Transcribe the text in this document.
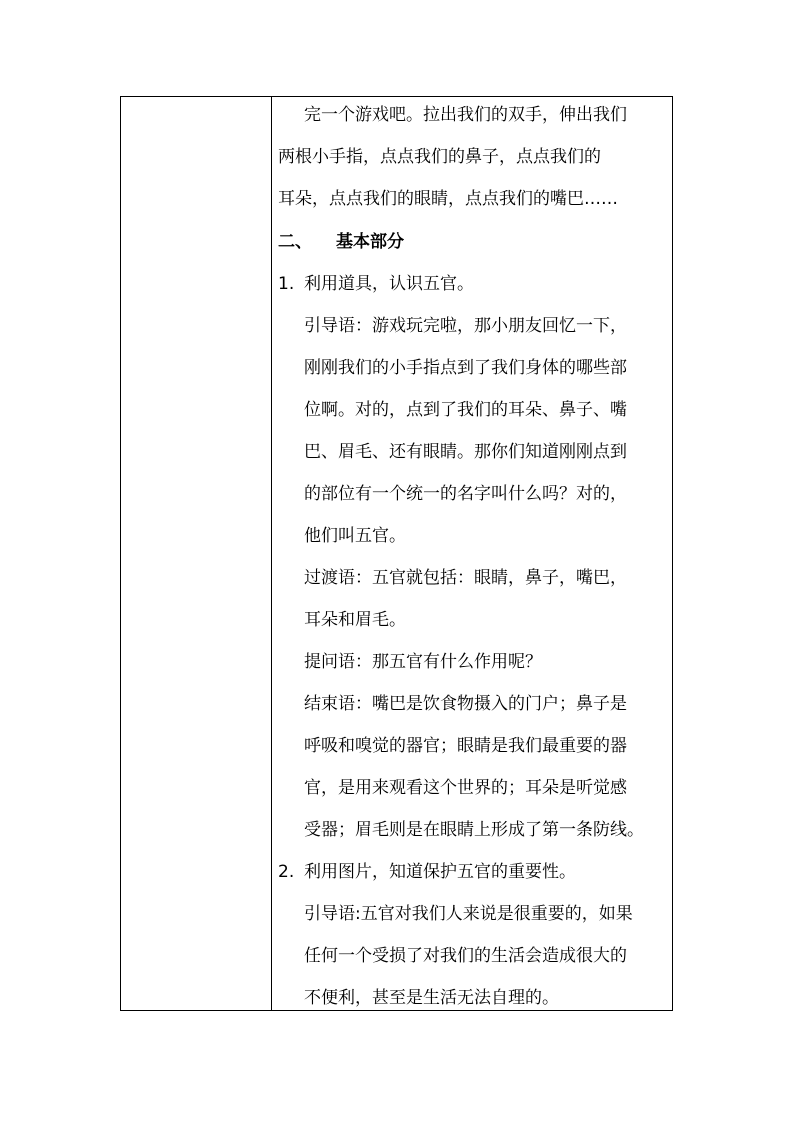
完一个游戏吧。拉出我们的双手，伸出我们
两根小手指，点点我们的鼻子，点点我们的
耳朵，点点我们的眼睛，点点我们的嘴巴……
二、 基本部分
1. 利用道具，认识五官。
引导语：游戏玩完啦，那小朋友回忆一下，
刚刚我们的小手指点到了我们身体的哪些部
位啊。对的，点到了我们的耳朵、鼻子、嘴
巴、眉毛、还有眼睛。那你们知道刚刚点到
的部位有一个统一的名字叫什么吗？对的，
他们叫五官。
过渡语：五官就包括：眼睛，鼻子，嘴巴，
耳朵和眉毛。
提问语：那五官有什么作用呢？
结束语：嘴巴是饮食物摄入的门户；鼻子是
呼吸和嗅觉的器官；眼睛是我们最重要的器
官，是用来观看这个世界的；耳朵是听觉感
受器；眉毛则是在眼睛上形成了第一条防线。
2. 利用图片，知道保护五官的重要性。
引导语:五官对我们人来说是很重要的，如果
任何一个受损了对我们的生活会造成很大的
不便利，甚至是生活无法自理的。
